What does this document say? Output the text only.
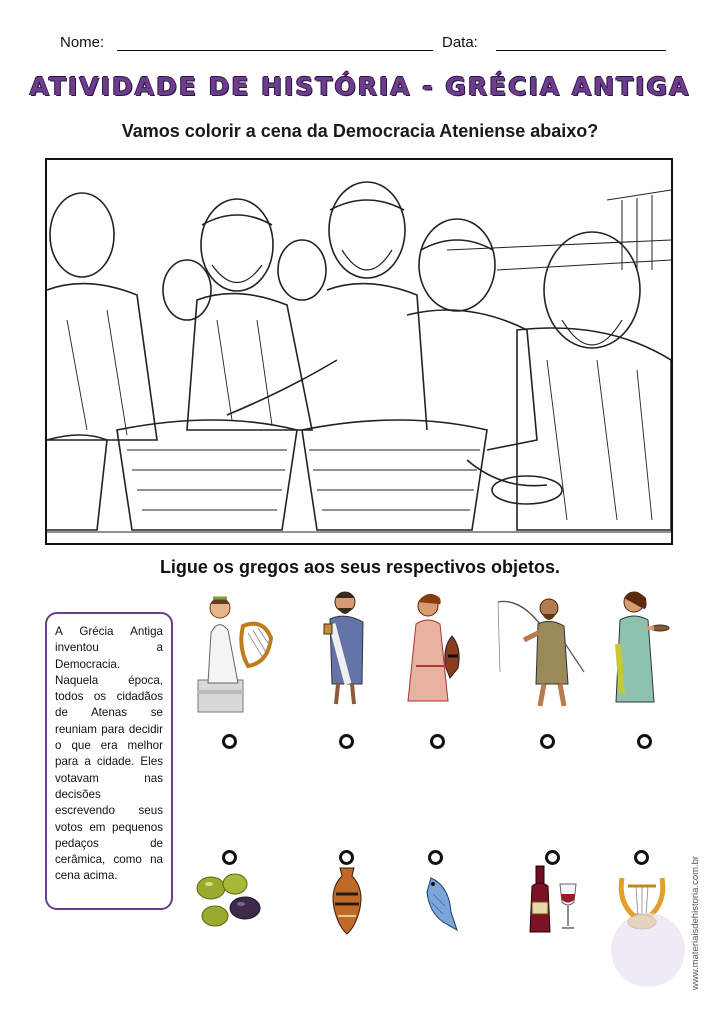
Nome:	Data:
ATIVIDADE DE HISTÓRIA - GRÉCIA ANTIGA
Vamos colorir a cena da Democracia Ateniense abaixo?
Ligue os gregos aos seus respectivos objetos.
A Grécia Antiga inventou a Democracia. Naquela época, todos os cidadãos de Atenas se reuniam para decidir o que era melhor para a cidade. Eles votavam nas decisões escrevendo seus votos em pequenos pedaços de cerâmica, como na cena acima.	www.materiaisdehistoria.com.br
